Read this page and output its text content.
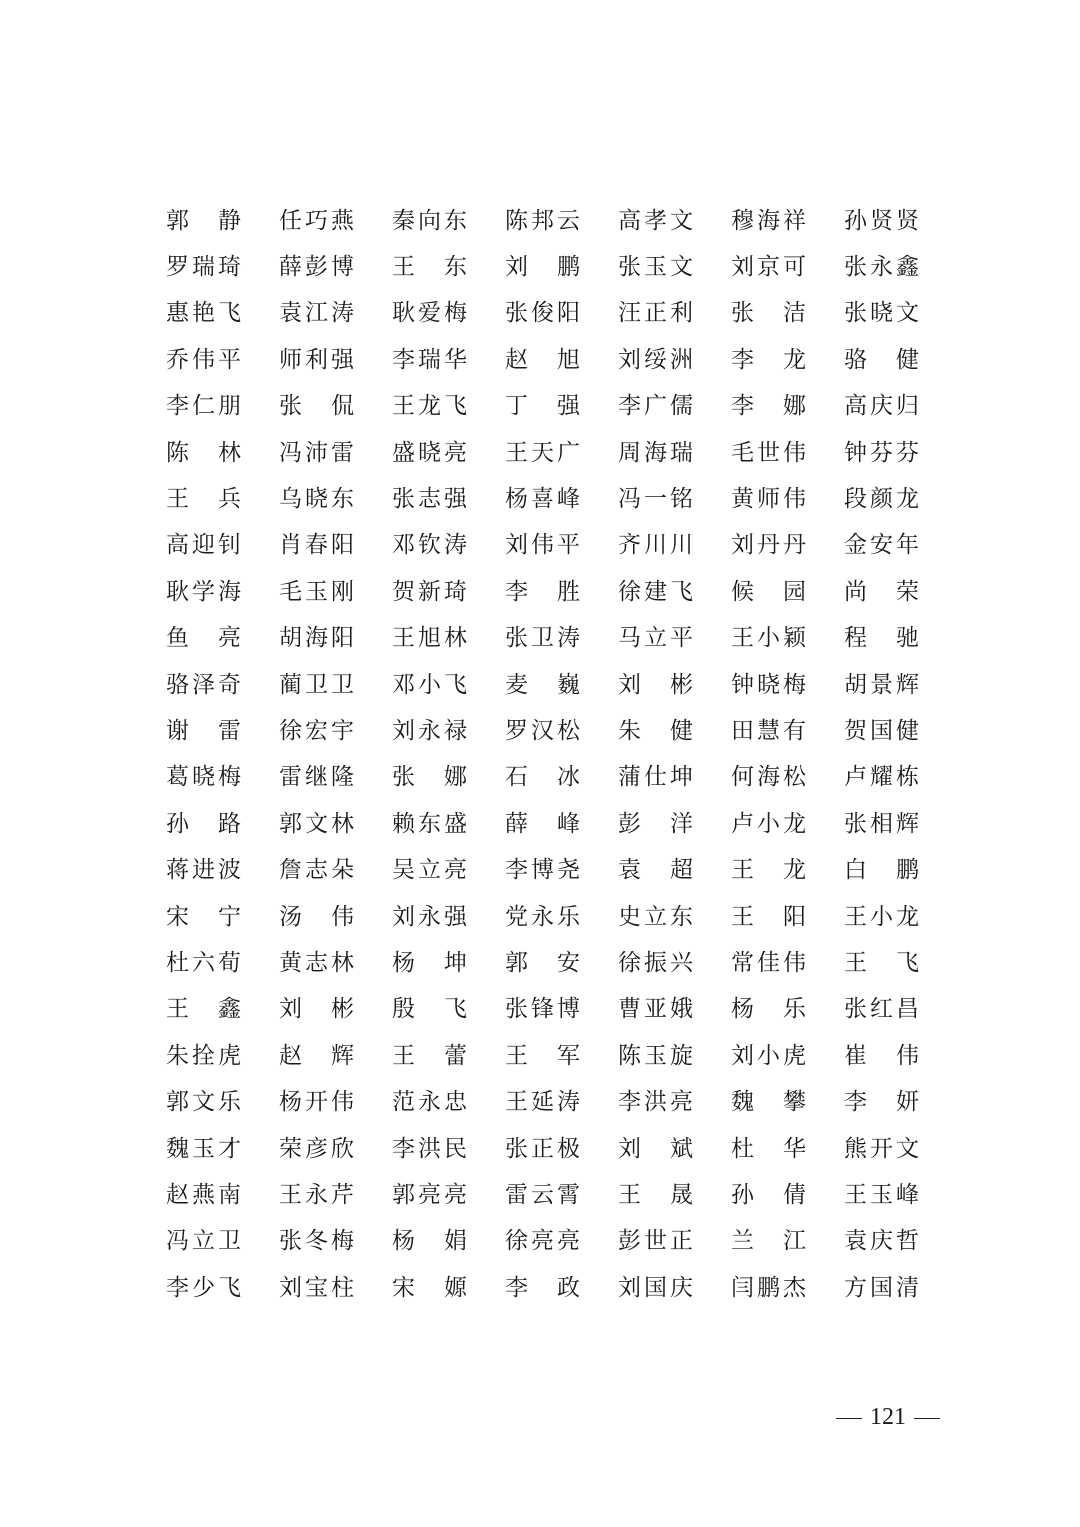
郭 静 任 巧 燕 秦 向 东 陈 邦 云 高 孝 文 穆 海 祥 孙 贤 贤
罗 瑞 琦 薛 彭 博 王 东 刘 鹏 张 玉 文 刘 京 可 张 永 鑫
惠 艳 飞 袁 江 涛 耿 爱 梅 张 俊 阳 汪 正 利 张 洁 张 晓 文
乔 伟 平 师 利 强 李 瑞 华 赵 旭 刘 绥 洲 李 龙 骆 健
李 仁 朋 张 侃 王 龙 飞 丁 强 李 广 儒 李 娜 高 庆 归
陈 林 冯 沛 雷 盛 晓 亮 王 天 广 周 海 瑞 毛 世 伟 钟 芬 芬
王 兵 乌 晓 东 张 志 强 杨 喜 峰 冯 一 铭 黄 师 伟 段 颜 龙
高 迎 钊 肖 春 阳 邓 钦 涛 刘 伟 平 齐 川 川 刘 丹 丹 金 安 年
耿 学 海 毛 玉 刚 贺 新 琦 李 胜 徐 建 飞 候 园 尚 荣
鱼 亮 胡 海 阳 王 旭 林 张 卫 涛 马 立 平 王 小 颖 程 驰
骆 泽 奇 蔺 卫 卫 邓 小 飞 麦 巍 刘 彬 钟 晓 梅 胡 景 辉
谢 雷 徐 宏 宇 刘 永 禄 罗 汉 松 朱 健 田 慧 有 贺 国 健
葛 晓 梅 雷 继 隆 张 娜 石 冰 蒲 仕 坤 何 海 松 卢 耀 栋
孙 路 郭 文 林 赖 东 盛 薛 峰 彭 洋 卢 小 龙 张 相 辉
蒋 进 波 詹 志 朵 吴 立 亮 李 博 尧 袁 超 王 龙 白 鹏
宋 宁 汤 伟 刘 永 强 党 永 乐 史 立 东 王 阳 王 小 龙
杜 六 荀 黄 志 林 杨 坤 郭 安 徐 振 兴 常 佳 伟 王 飞
王 鑫 刘 彬 殷 飞 张 锋 博 曹 亚 娥 杨 乐 张 红 昌
朱 拴 虎 赵 辉 王 蕾 王 军 陈 玉 旋 刘 小 虎 崔 伟
郭 文 乐 杨 开 伟 范 永 忠 王 延 涛 李 洪 亮 魏 攀 李 妍
魏 玉 才 荣 彦 欣 李 洪 民 张 正 极 刘 斌 杜 华 熊 开 文
赵 燕 南 王 永 芹 郭 亮 亮 雷 云 霄 王 晟 孙 倩 王 玉 峰
冯 立 卫 张 冬 梅 杨 娟 徐 亮 亮 彭 世 正 兰 江 袁 庆 哲
李 少 飞 刘 宝 柱 宋 嫄 李 政 刘 国 庆 闫 鹏 杰 方 国 清
121
